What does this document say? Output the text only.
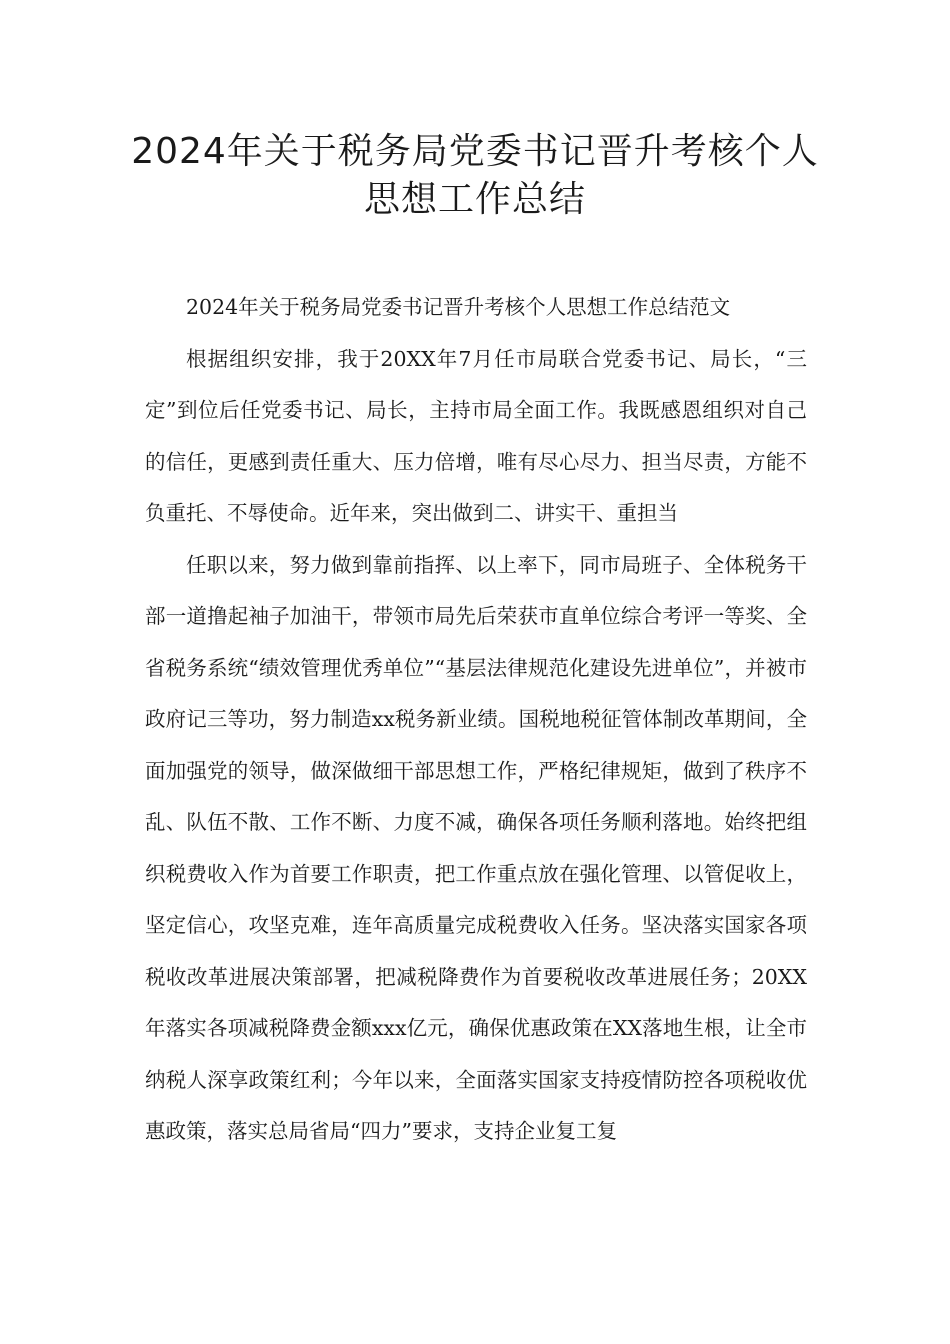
2024年关于税务局党委书记晋升考核个人思想工作总结

2024年关于税务局党委书记晋升考核个人思想工作总结范文

根据组织安排，我于20XX年7月任市局联合党委书记、局长，“三定”到位后任党委书记、局长，主持市局全面工作。我既感恩组织对自己的信任，更感到责任重大、压力倍增，唯有尽心尽力、担当尽责，方能不负重托、不辱使命。近年来，突出做到二、讲实干、重担当

任职以来，努力做到靠前指挥、以上率下，同市局班子、全体税务干部一道撸起袖子加油干，带领市局先后荣获市直单位综合考评一等奖、全省税务系统“绩效管理优秀单位”“基层法律规范化建设先进单位”，并被市政府记三等功，努力制造xx税务新业绩。国税地税征管体制改革期间，全面加强党的领导，做深做细干部思想工作，严格纪律规矩，做到了秩序不乱、队伍不散、工作不断、力度不减，确保各项任务顺利落地。始终把组织税费收入作为首要工作职责，把工作重点放在强化管理、以管促收上，坚定信心，攻坚克难，连年高质量完成税费收入任务。坚决落实国家各项税收改革进展决策部署，把减税降费作为首要税收改革进展任务；20XX年落实各项减税降费金额xxx亿元，确保优惠政策在XX落地生根，让全市纳税人深享政策红利；今年以来，全面落实国家支持疫情防控各项税收优惠政策，落实总局省局“四力”要求，支持企业复工复
